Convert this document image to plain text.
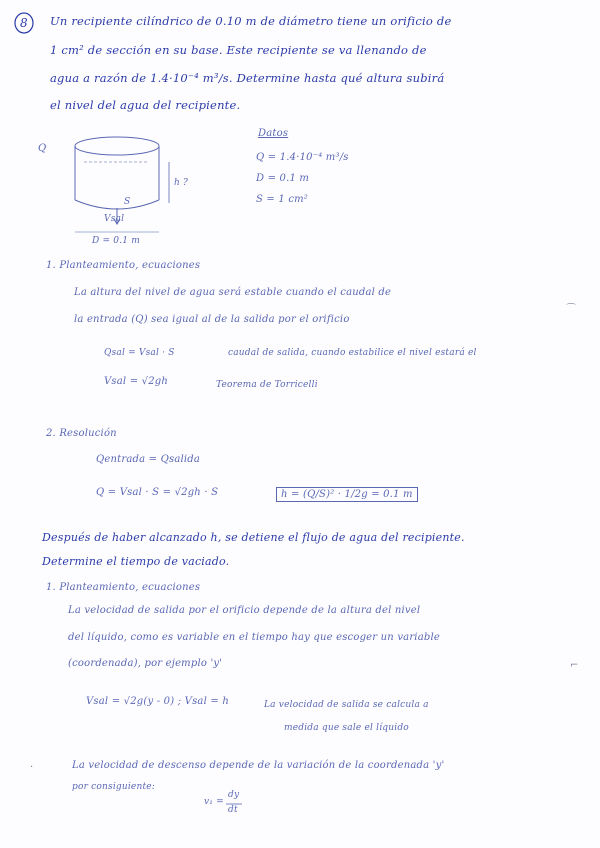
8 Un recipiente cilíndrico de 0.10 m de diámetro tiene un orificio de
1 cm² de sección en su base. Este recipiente se va llenando de
agua a razón de 1.4·10⁻⁴ m³/s. Determine hasta qué altura subirá
el nivel del agua del recipiente.
Q
h ?
S
Vsal
D = 0.1 m
Datos
Q = 1.4·10⁻⁴ m³/s
D = 0.1 m
S = 1 cm²
1. Planteamiento, ecuaciones
La altura del nivel de agua será estable cuando el caudal de
la entrada (Q) sea igual al de la salida por el orificio
Qsal = Vsal · S	caudal de salida, cuando estabilice el nivel estará el
Vsal = √2gh	Teorema de Torricelli
⌒
2. Resolución
Qentrada = Qsalida
Q = Vsal · S = √2gh · S	h = (Q/S)² · 1/2g = 0.1 m
Después de haber alcanzado h, se detiene el flujo de agua del recipiente.
Determine el tiempo de vaciado.
1. Planteamiento, ecuaciones
La velocidad de salida por el orificio depende de la altura del nivel
del líquido, como es variable en el tiempo hay que escoger un variable
(coordenada), por ejemplo 'y'	⌐
Vsal = √2g(y - 0) ; Vsal = h	La velocidad de salida se calcula a
medida que sale el líquido
La velocidad de descenso depende de la variación de la coordenada 'y'
por consiguiente:
v₁ =
dy
dt
·
